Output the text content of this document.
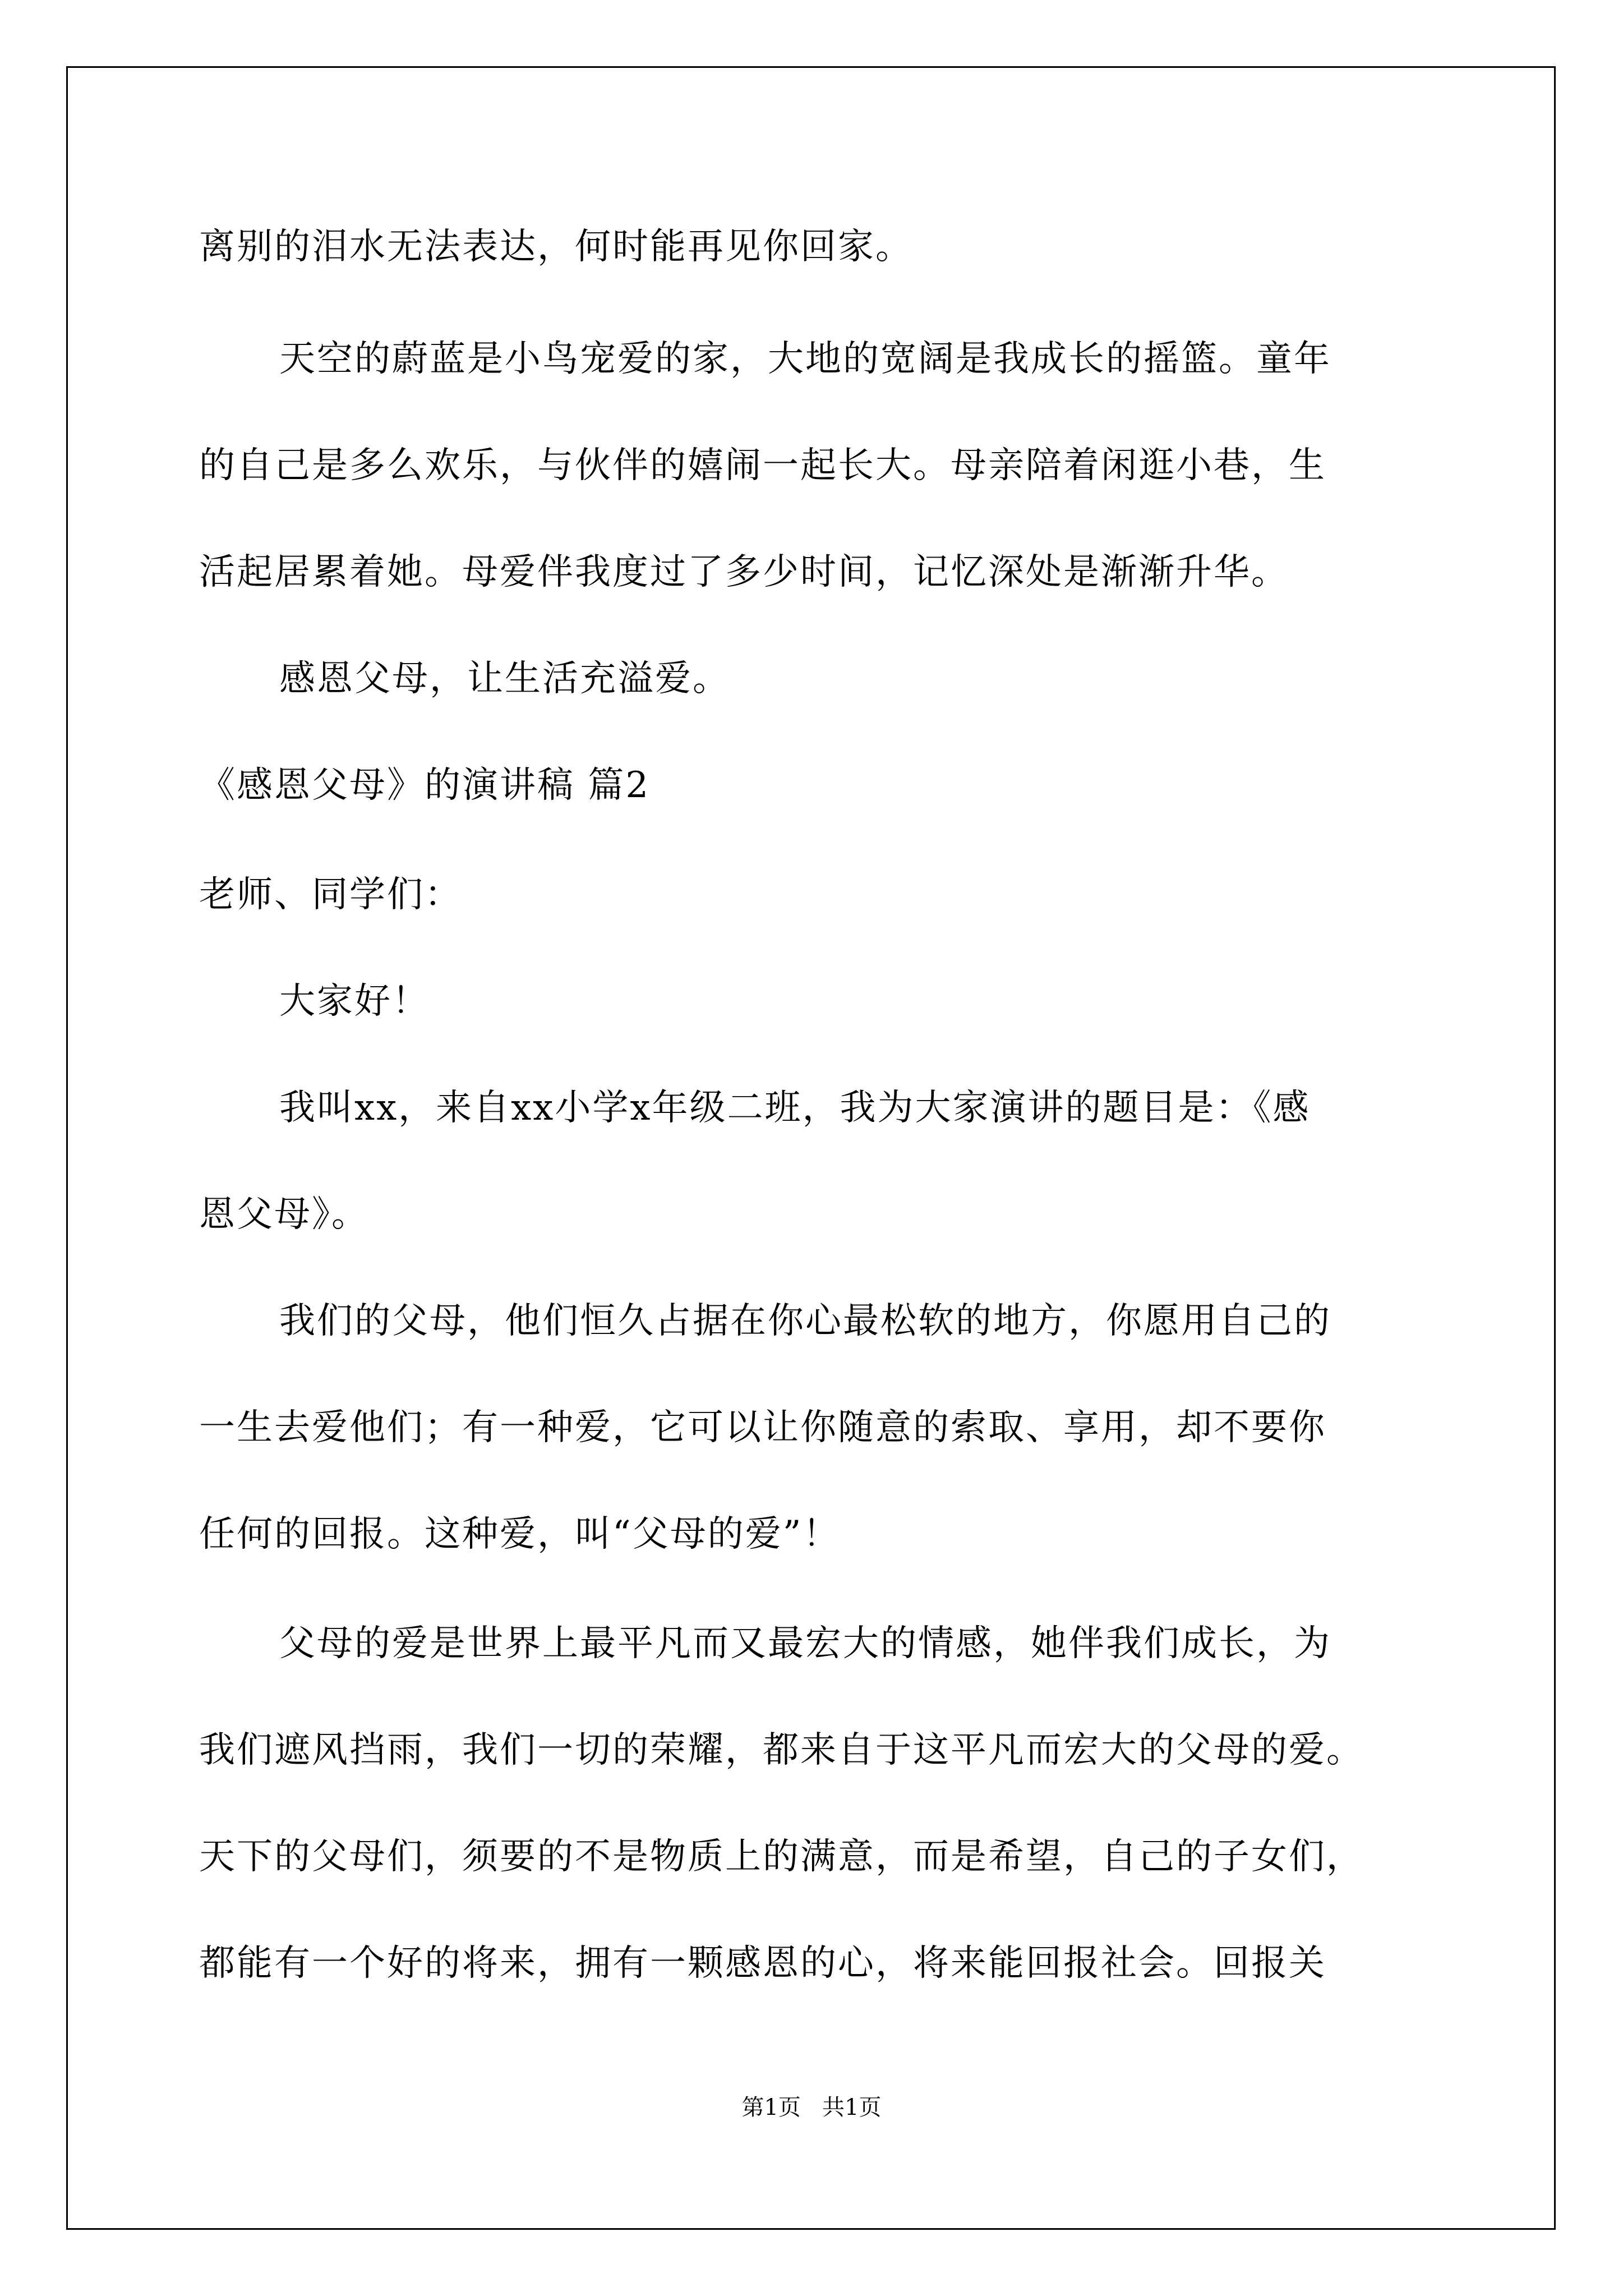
离别的泪水无法表达，何时能再见你回家。
天空的蔚蓝是小鸟宠爱的家，大地的宽阔是我成长的摇篮。童年
的自己是多么欢乐，与伙伴的嬉闹一起长大。母亲陪着闲逛小巷，生
活起居累着她。母爱伴我度过了多少时间，记忆深处是渐渐升华。
感恩父母，让生活充溢爱。
《感恩父母》的演讲稿 篇2
老师、同学们：
大家好！
我叫xx，来自xx小学x年级二班，我为大家演讲的题目是：《感
恩父母》。
我们的父母，他们恒久占据在你心最松软的地方，你愿用自己的
一生去爱他们；有一种爱，它可以让你随意的索取、享用，却不要你
任何的回报。这种爱，叫“父母的爱”！
父母的爱是世界上最平凡而又最宏大的情感，她伴我们成长，为
我们遮风挡雨，我们一切的荣耀，都来自于这平凡而宏大的父母的爱。
天下的父母们，须要的不是物质上的满意，而是希望，自己的子女们，
都能有一个好的将来，拥有一颗感恩的心，将来能回报社会。回报关
第1页   共1页
